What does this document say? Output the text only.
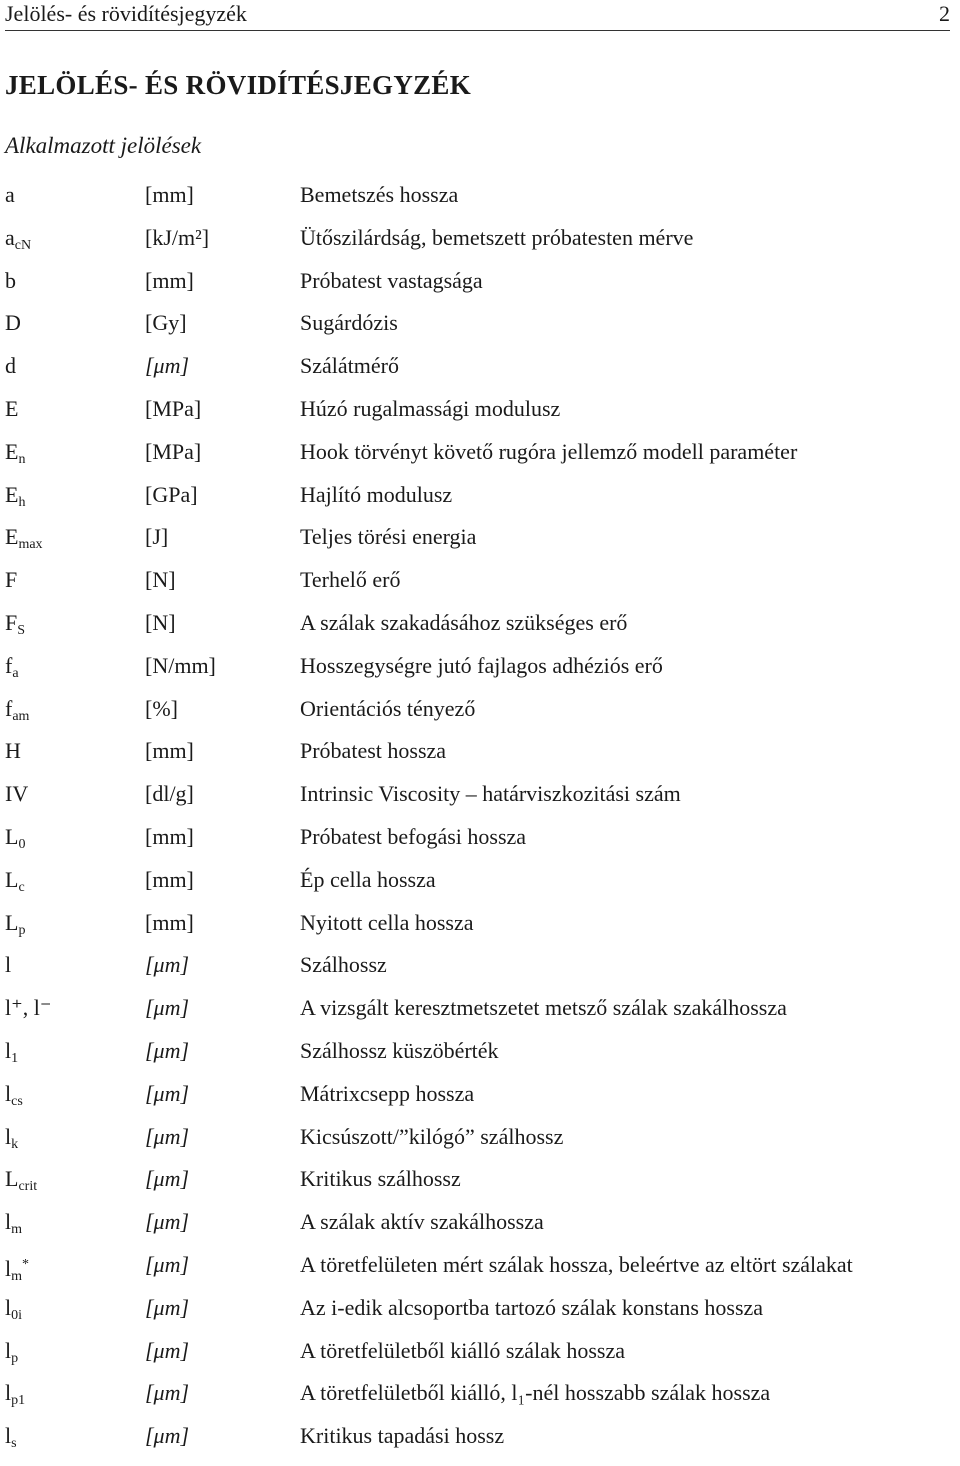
Jelölés- és rövidítésjegyzék	2
JELÖLÉS- ÉS RÖVIDÍTÉSJEGYZÉK
Alkalmazott jelölések
a	[mm]	Bemetszés hossza
$a_{cN}$	[kJ/m²]	Ütőszilárdság, bemetszett próbatesten mérve
b	[mm]	Próbatest vastagsága
D	[Gy]	Sugárdózis
d	[μm]	Szálátmérő
E	[MPa]	Húzó rugalmassági modulusz
$E_n$	[MPa]	Hook törvényt követő rugóra jellemző modell paraméter
$E_h$	[GPa]	Hajlító modulusz
$E_{max}$	[J]	Teljes törési energia
F	[N]	Terhelő erő
$F_S$	[N]	A szálak szakadásához szükséges erő
$f_a$	[N/mm]	Hosszegységre jutó fajlagos adhéziós erő
$f_{am}$	[%]	Orientációs tényező
H	[mm]	Próbatest hossza
IV	[dl/g]	Intrinsic Viscosity – határviszkozitási szám
$L_0$	[mm]	Próbatest befogási hossza
$L_c$	[mm]	Ép cella hossza
$L_p$	[mm]	Nyitott cella hossza
l	[μm]	Szálhossz
l⁺, l⁻	[μm]	A vizsgált keresztmetszetet metsző szálak szakálhossza
$l_1$	[μm]	Szálhossz küszöbérték
$l_{cs}$	[μm]	Mátrixcsepp hossza
$l_k$	[μm]	Kicsúszott/”kilógó” szálhossz
$L_{crit}$	[μm]	Kritikus szálhossz
$l_m$	[μm]	A szálak aktív szakálhossza
$l_m^*$	[μm]	A töretfelületen mért szálak hossza, beleértve az eltört szálakat
$l_{0i}$	[μm]	Az i-edik alcsoportba tartozó szálak konstans hossza
$l_p$	[μm]	A töretfelületből kiálló szálak hossza
$l_{p1}$	[μm]	A töretfelületből kiálló, l₁-nél hosszabb szálak hossza
$l_s$	[μm]	Kritikus tapadási hossz
